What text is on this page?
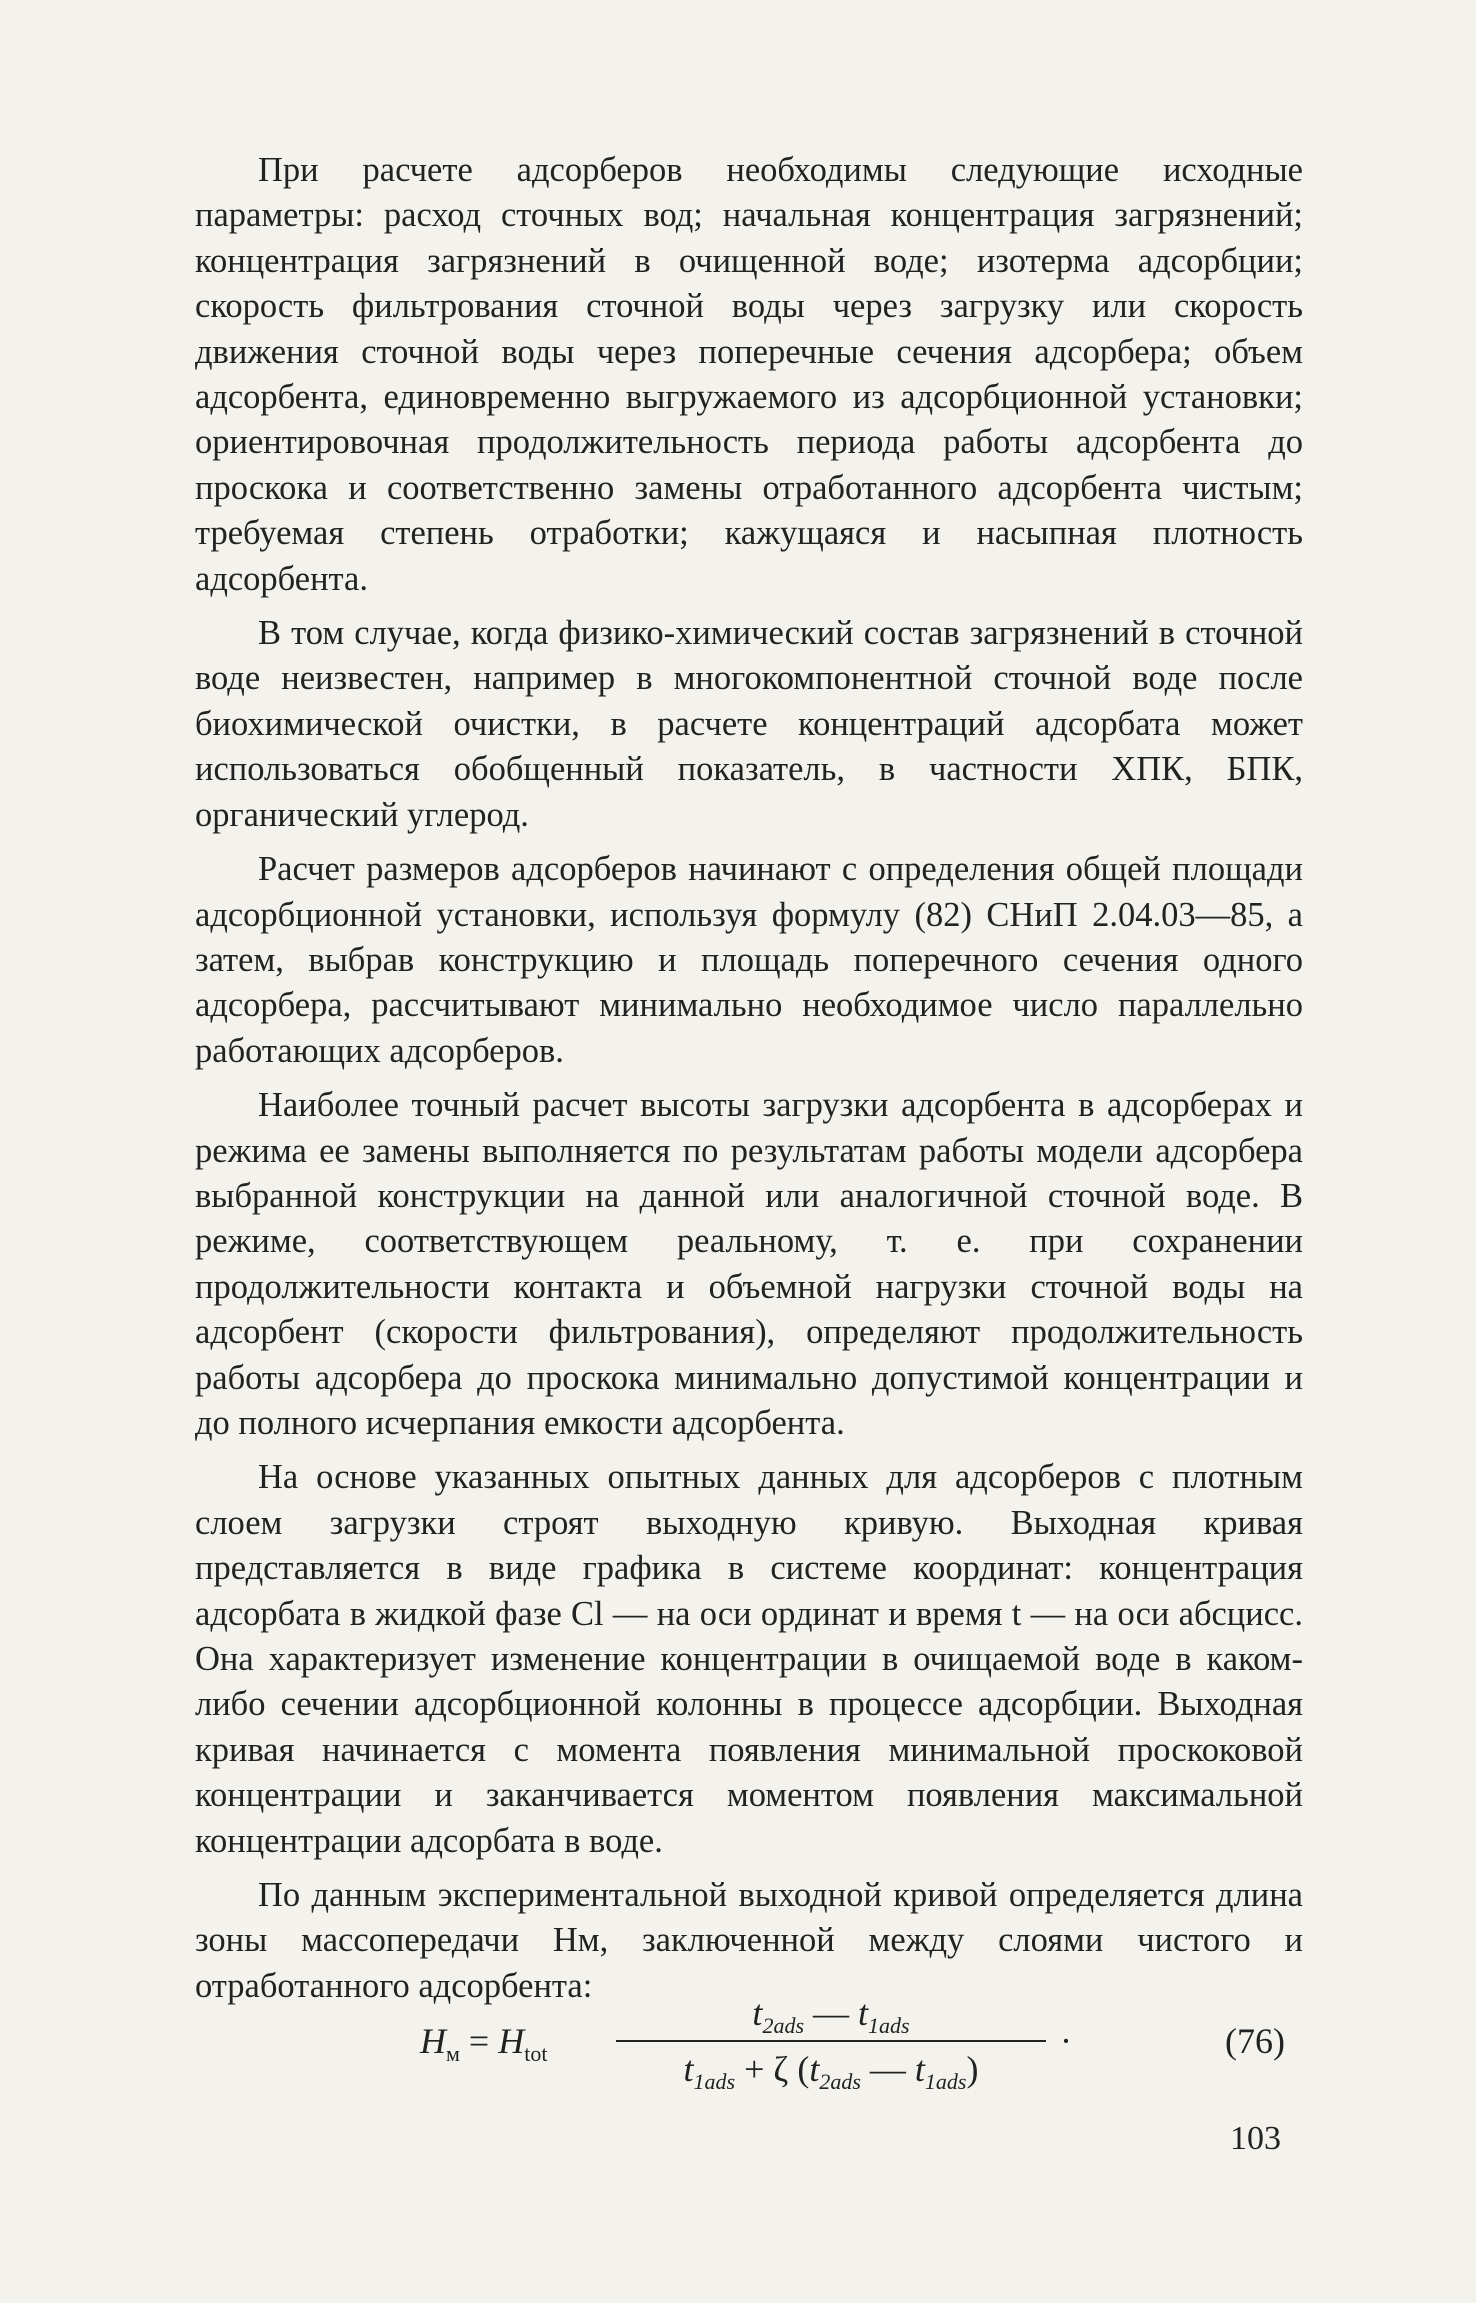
При расчете адсорберов необходимы следующие исходные параметры: расход сточных вод; начальная концентрация загрязнений; концентрация загрязнений в очищенной воде; изотерма адсорбции; скорость фильтрования сточной воды через загрузку или скорость движения сточной воды через поперечные сечения адсорбера; объем адсорбента, единовременно выгружаемого из адсорбционной установки; ориентировочная продолжительность периода работы адсорбента до проскока и соответственно замены отработанного адсорбента чистым; требуемая степень отработки; кажущаяся и насыпная плотность адсорбента.

В том случае, когда физико-химический состав загрязнений в сточной воде неизвестен, например в многокомпонентной сточной воде после биохимической очистки, в расчете концентраций адсорбата может использоваться обобщенный показатель, в частности ХПК, БПК, органический углерод.

Расчет размеров адсорберов начинают с определения общей площади адсорбционной установки, используя формулу (82) СНиП 2.04.03—85, а затем, выбрав конструкцию и площадь поперечного сечения одного адсорбера, рассчитывают минимально необходимое число параллельно работающих адсорберов.

Наиболее точный расчет высоты загрузки адсорбента в адсорберах и режима ее замены выполняется по результатам работы модели адсорбера выбранной конструкции на данной или аналогичной сточной воде. В режиме, соответствующем реальному, т. е. при сохранении продолжительности контакта и объемной нагрузки сточной воды на адсорбент (скорости фильтрования), определяют продолжительность работы адсорбера до проскока минимально допустимой концентрации и до полного исчерпания емкости адсорбента.

На основе указанных опытных данных для адсорберов с плотным слоем загрузки строят выходную кривую. Выходная кривая представляется в виде графика в системе координат: концентрация адсорбата в жидкой фазе Cl — на оси ординат и время t — на оси абсцисс. Она характеризует изменение концентрации в очищаемой воде в каком-либо сечении адсорбционной колонны в процессе адсорбции. Выходная кривая начинается с момента появления минимальной проскоковой концентрации и заканчивается моментом появления максимальной концентрации адсорбата в воде.

По данным экспериментальной выходной кривой определяется длина зоны массопередачи Hм, заключенной между слоями чистого и отработанного адсорбента:

$H_м = H_{tot}$
$t_{2ads}$ — $t_{1ads}$
$t_{1ads} + \zeta$ ($t_{2ads}$ — $t_{1ads}$)
·	(76)
103
